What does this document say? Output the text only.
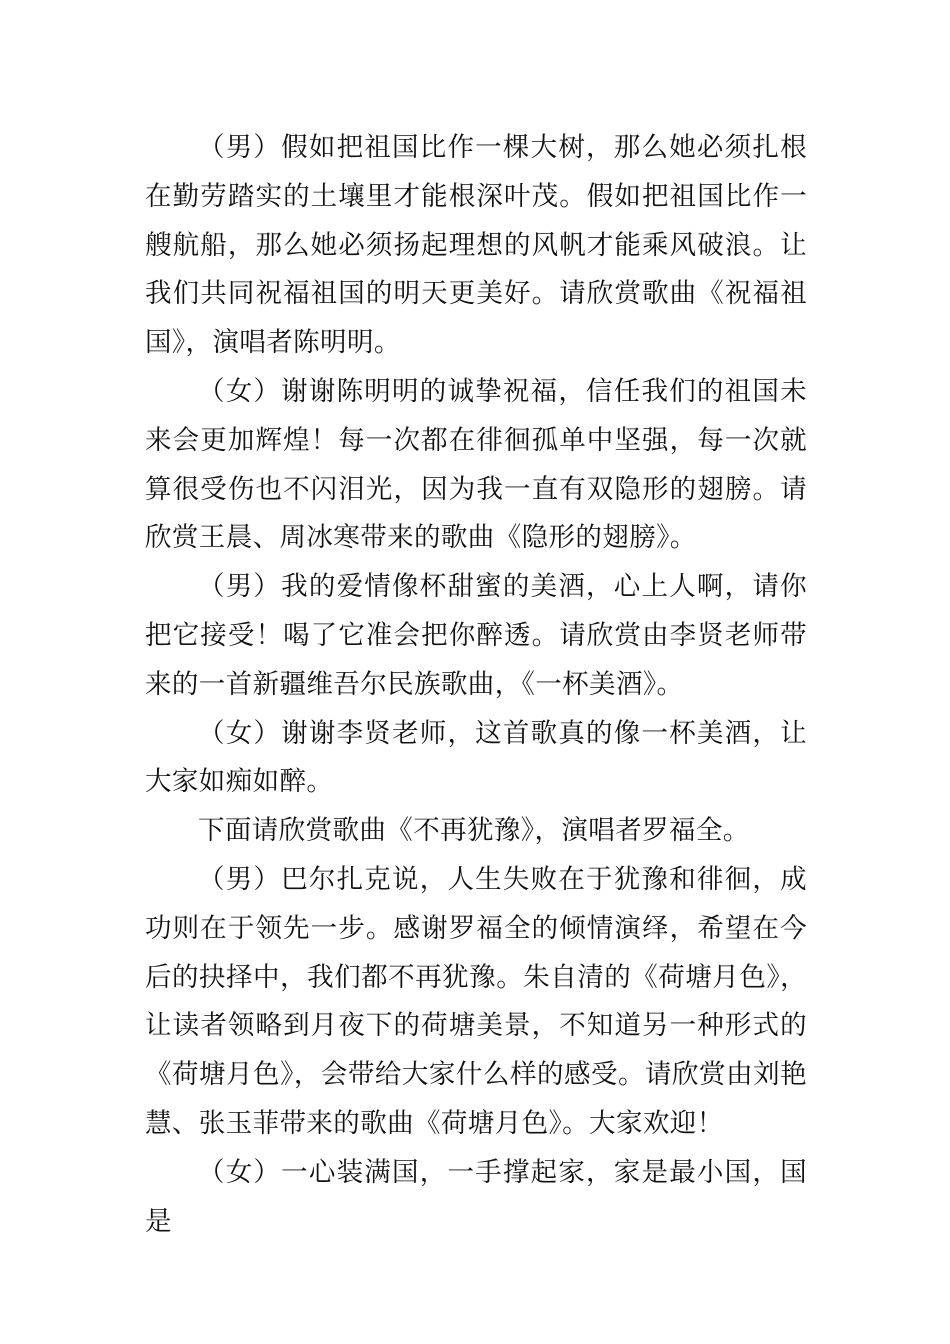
（男）假如把祖国比作一棵大树，那么她必须扎根在勤劳踏实的土壤里才能根深叶茂。假如把祖国比作一艘航船，那么她必须扬起理想的风帆才能乘风破浪。让我们共同祝福祖国的明天更美好。请欣赏歌曲《祝福祖国》，演唱者陈明明。

（女）谢谢陈明明的诚挚祝福，信任我们的祖国未来会更加辉煌！每一次都在徘徊孤单中坚强，每一次就算很受伤也不闪泪光，因为我一直有双隐形的翅膀。请欣赏王晨、周冰寒带来的歌曲《隐形的翅膀》。

（男）我的爱情像杯甜蜜的美酒，心上人啊，请你把它接受！喝了它准会把你醉透。请欣赏由李贤老师带来的一首新疆维吾尔民族歌曲，《一杯美酒》。

（女）谢谢李贤老师，这首歌真的像一杯美酒，让大家如痴如醉。

下面请欣赏歌曲《不再犹豫》，演唱者罗福全。

（男）巴尔扎克说，人生失败在于犹豫和徘徊，成功则在于领先一步。感谢罗福全的倾情演绎，希望在今后的抉择中，我们都不再犹豫。朱自清的《荷塘月色》，让读者领略到月夜下的荷塘美景，不知道另一种形式的《荷塘月色》，会带给大家什么样的感受。请欣赏由刘艳慧、张玉菲带来的歌曲《荷塘月色》。大家欢迎！

（女）一心装满国，一手撑起家，家是最小国，国是
